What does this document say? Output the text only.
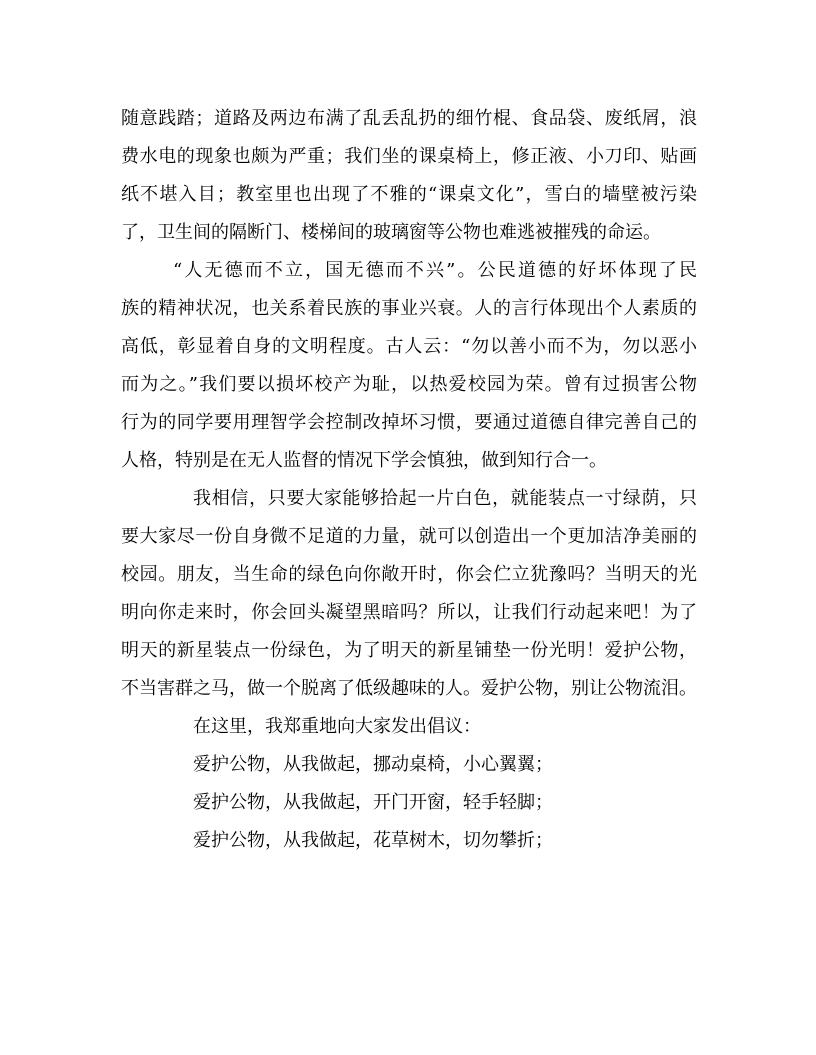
随意践踏；道路及两边布满了乱丢乱扔的细竹棍、食品袋、废纸屑，浪
费水电的现象也颇为严重；我们坐的课桌椅上，修正液、小刀印、贴画
纸不堪入目；教室里也出现了不雅的“课桌文化”，雪白的墙壁被污染
了，卫生间的隔断门、楼梯间的玻璃窗等公物也难逃被摧残的命运。
“人无德而不立，国无德而不兴”。公民道德的好坏体现了民
族的精神状况，也关系着民族的事业兴衰。人的言行体现出个人素质的
高低，彰显着自身的文明程度。古人云：“勿以善小而不为，勿以恶小
而为之。”我们要以损坏校产为耻，以热爱校园为荣。曾有过损害公物
行为的同学要用理智学会控制改掉坏习惯，要通过道德自律完善自己的
人格，特别是在无人监督的情况下学会慎独，做到知行合一。
我相信，只要大家能够拾起一片白色，就能装点一寸绿荫，只
要大家尽一份自身微不足道的力量，就可以创造出一个更加洁净美丽的
校园。朋友，当生命的绿色向你敞开时，你会伫立犹豫吗？当明天的光
明向你走来时，你会回头凝望黑暗吗？所以，让我们行动起来吧！为了
明天的新星装点一份绿色，为了明天的新星铺垫一份光明！爱护公物，
不当害群之马，做一个脱离了低级趣味的人。爱护公物，别让公物流泪。
在这里，我郑重地向大家发出倡议：
爱护公物，从我做起，挪动桌椅，小心翼翼；
爱护公物，从我做起，开门开窗，轻手轻脚；
爱护公物，从我做起，花草树木，切勿攀折；
